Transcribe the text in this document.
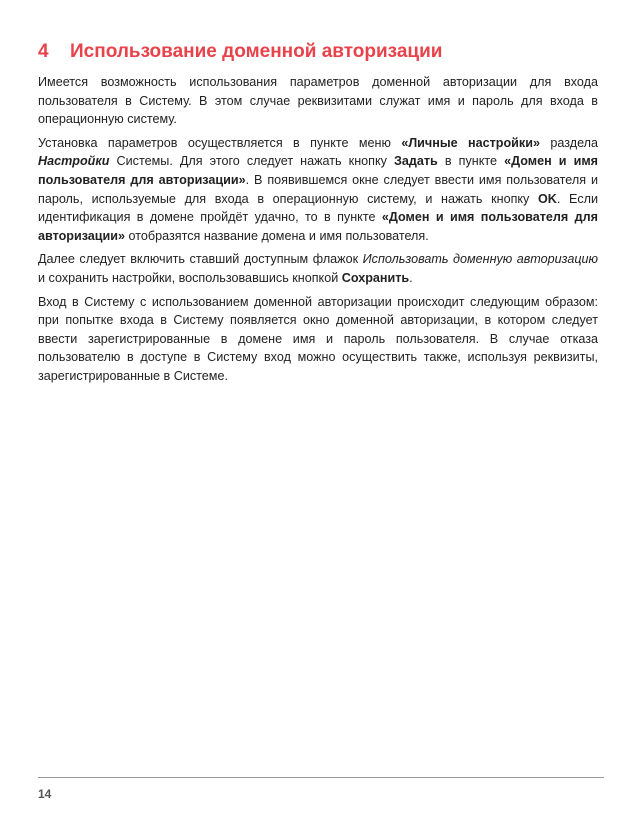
4 Использование доменной авторизации

Имеется возможность использования параметров доменной авторизации для входа пользователя в Систему. В этом случае реквизитами служат имя и пароль для входа в операционную систему.

Установка параметров осуществляется в пункте меню «Личные настройки» раздела Настройки Системы. Для этого следует нажать кнопку Задать в пункте «Домен и имя пользователя для авторизации». В появившемся окне следует ввести имя пользователя и пароль, используемые для входа в операционную систему, и нажать кнопку OK. Если идентификация в домене пройдёт удачно, то в пункте «Домен и имя пользователя для авторизации» отобразятся название домена и имя пользователя.

Далее следует включить ставший доступным флажок Использовать доменную авторизацию и сохранить настройки, воспользовавшись кнопкой Сохранить.

Вход в Систему с использованием доменной авторизации происходит следующим образом: при попытке входа в Систему появляется окно доменной авторизации, в котором следует ввести зарегистрированные в домене имя и пароль пользователя. В случае отказа пользователю в доступе в Систему вход можно осуществить также, используя реквизиты, зарегистрированные в Системе.

14
